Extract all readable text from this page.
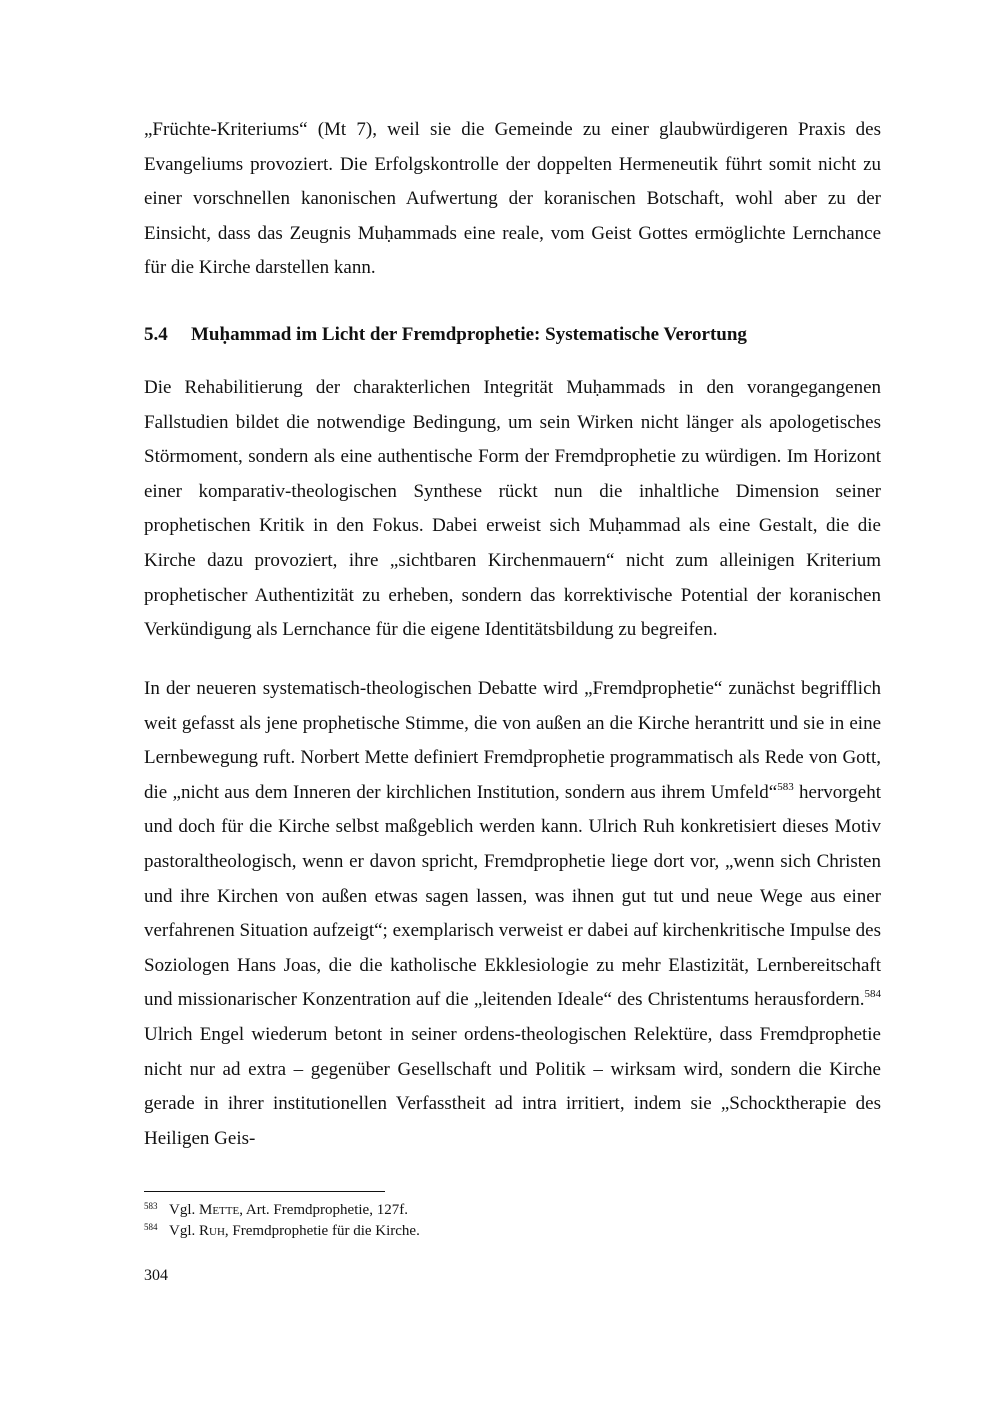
„Früchte-Kriteriums“ (Mt 7), weil sie die Gemeinde zu einer glaubwürdigeren Praxis des Evangeliums provoziert. Die Erfolgskontrolle der doppelten Hermeneutik führt somit nicht zu einer vorschnellen kanonischen Aufwertung der koranischen Botschaft, wohl aber zu der Einsicht, dass das Zeugnis Muḥammads eine reale, vom Geist Gottes ermöglichte Lernchance für die Kirche darstellen kann.

5.4 Muḥammad im Licht der Fremdprophetie: Systematische Verortung

Die Rehabilitierung der charakterlichen Integrität Muḥammads in den vorangegangenen Fallstudien bildet die notwendige Bedingung, um sein Wirken nicht länger als apologetisches Störmoment, sondern als eine authentische Form der Fremdprophetie zu würdigen. Im Horizont einer komparativ-theologischen Synthese rückt nun die inhaltliche Dimension seiner prophetischen Kritik in den Fokus. Dabei erweist sich Muḥammad als eine Gestalt, die die Kirche dazu provoziert, ihre „sichtbaren Kirchenmauern“ nicht zum alleinigen Kriterium prophetischer Authentizität zu erheben, sondern das korrektivische Potential der koranischen Verkündigung als Lernchance für die eigene Identitätsbildung zu begreifen.

In der neueren systematisch-theologischen Debatte wird „Fremdprophetie“ zunächst begrifflich weit gefasst als jene prophetische Stimme, die von außen an die Kirche herantritt und sie in eine Lernbewegung ruft. Norbert Mette definiert Fremdprophetie programmatisch als Rede von Gott, die „nicht aus dem Inneren der kirchlichen Institution, sondern aus ihrem Umfeld“$^{583}$ hervorgeht und doch für die Kirche selbst maßgeblich werden kann. Ulrich Ruh konkretisiert dieses Motiv pastoraltheologisch, wenn er davon spricht, Fremdprophetie liege dort vor, „wenn sich Christen und ihre Kirchen von außen etwas sagen lassen, was ihnen gut tut und neue Wege aus einer verfahrenen Situation aufzeigt“; exemplarisch verweist er dabei auf kirchenkritische Impulse des Soziologen Hans Joas, die die katholische Ekklesiologie zu mehr Elastizität, Lernbereitschaft und missionarischer Konzentration auf die „leitenden Ideale“ des Christentums herausfordern.$^{584}$ Ulrich Engel wiederum betont in seiner ordens-theologischen Relektüre, dass Fremdprophetie nicht nur ad extra – gegenüber Gesellschaft und Politik – wirksam wird, sondern die Kirche gerade in ihrer institutionellen Verfasstheit ad intra irritiert, indem sie „Schocktherapie des Heiligen Geis-

583 Vgl. Mette, Art. Fremdprophetie, 127f.
584 Vgl. Ruh, Fremdprophetie für die Kirche.

304
